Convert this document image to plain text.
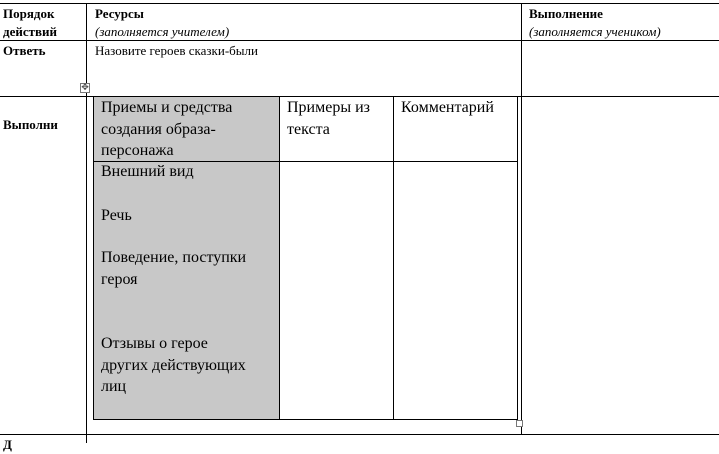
Порядок
действий
Ресурсы
(заполняется учителем)
Выполнение
(заполняется учеником)
Ответь	Назовите героев сказки-были
Выполни
✥
Приемы и средства
создания образа-
персонажа
Примеры из
текста
Комментарий
Внешний вид
Речь
Поведение, поступки
героя
Отзывы о герое
других действующих
лиц
Д
